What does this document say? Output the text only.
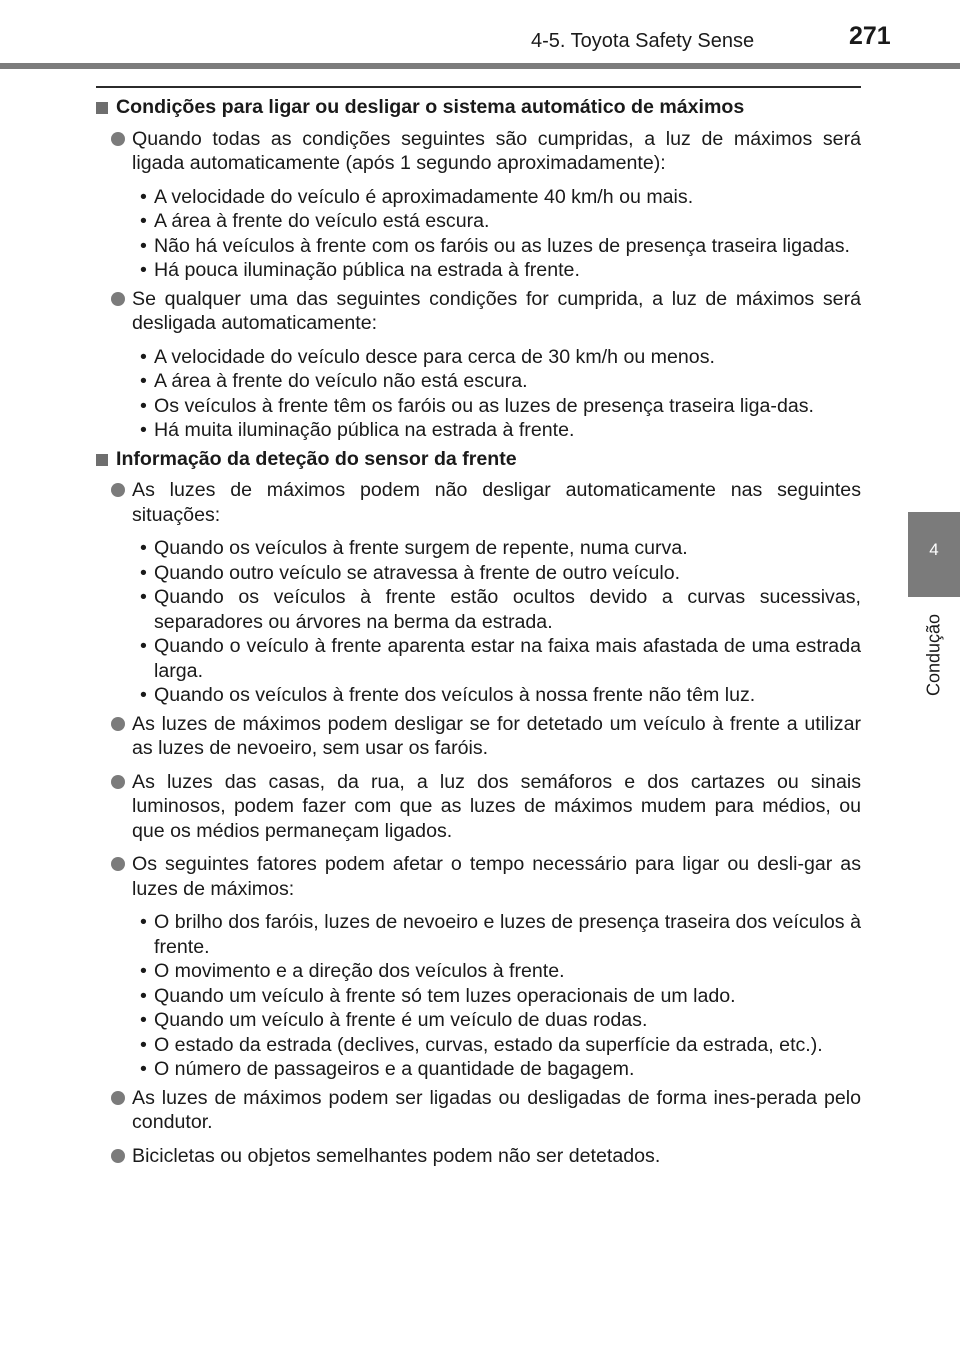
4-5. Toyota Safety Sense	271
4
Condução
Condições para ligar ou desligar o sistema automático de máximos
Quando todas as condições seguintes são cumpridas, a luz de máximos será ligada automaticamente (após 1 segundo aproximadamente):
• A velocidade do veículo é aproximadamente 40 km/h ou mais.
• A área à frente do veículo está escura.
• Não há veículos à frente com os faróis ou as luzes de presença traseira ligadas.
• Há pouca iluminação pública na estrada à frente.
Se qualquer uma das seguintes condições for cumprida, a luz de máximos será desligada automaticamente:
• A velocidade do veículo desce para cerca de 30 km/h ou menos.
• A área à frente do veículo não está escura.
• Os veículos à frente têm os faróis ou as luzes de presença traseira liga-das.
• Há muita iluminação pública na estrada à frente.
Informação da deteção do sensor da frente
As luzes de máximos podem não desligar automaticamente nas seguintes situações:
• Quando os veículos à frente surgem de repente, numa curva.
• Quando outro veículo se atravessa à frente de outro veículo.
• Quando os veículos à frente estão ocultos devido a curvas sucessivas, separadores ou árvores na berma da estrada.
• Quando o veículo à frente aparenta estar na faixa mais afastada de uma estrada larga.
• Quando os veículos à frente dos veículos à nossa frente não têm luz.
As luzes de máximos podem desligar se for detetado um veículo à frente a utilizar as luzes de nevoeiro, sem usar os faróis.
As luzes das casas, da rua, a luz dos semáforos e dos cartazes ou sinais luminosos, podem fazer com que as luzes de máximos mudem para médios, ou que os médios permaneçam ligados.
Os seguintes fatores podem afetar o tempo necessário para ligar ou desli-gar as luzes de máximos:
• O brilho dos faróis, luzes de nevoeiro e luzes de presença traseira dos veículos à frente.
• O movimento e a direção dos veículos à frente.
• Quando um veículo à frente só tem luzes operacionais de um lado.
• Quando um veículo à frente é um veículo de duas rodas.
• O estado da estrada (declives, curvas, estado da superfície da estrada, etc.).
• O número de passageiros e a quantidade de bagagem.
As luzes de máximos podem ser ligadas ou desligadas de forma ines-perada pelo condutor.
Bicicletas ou objetos semelhantes podem não ser detetados.
